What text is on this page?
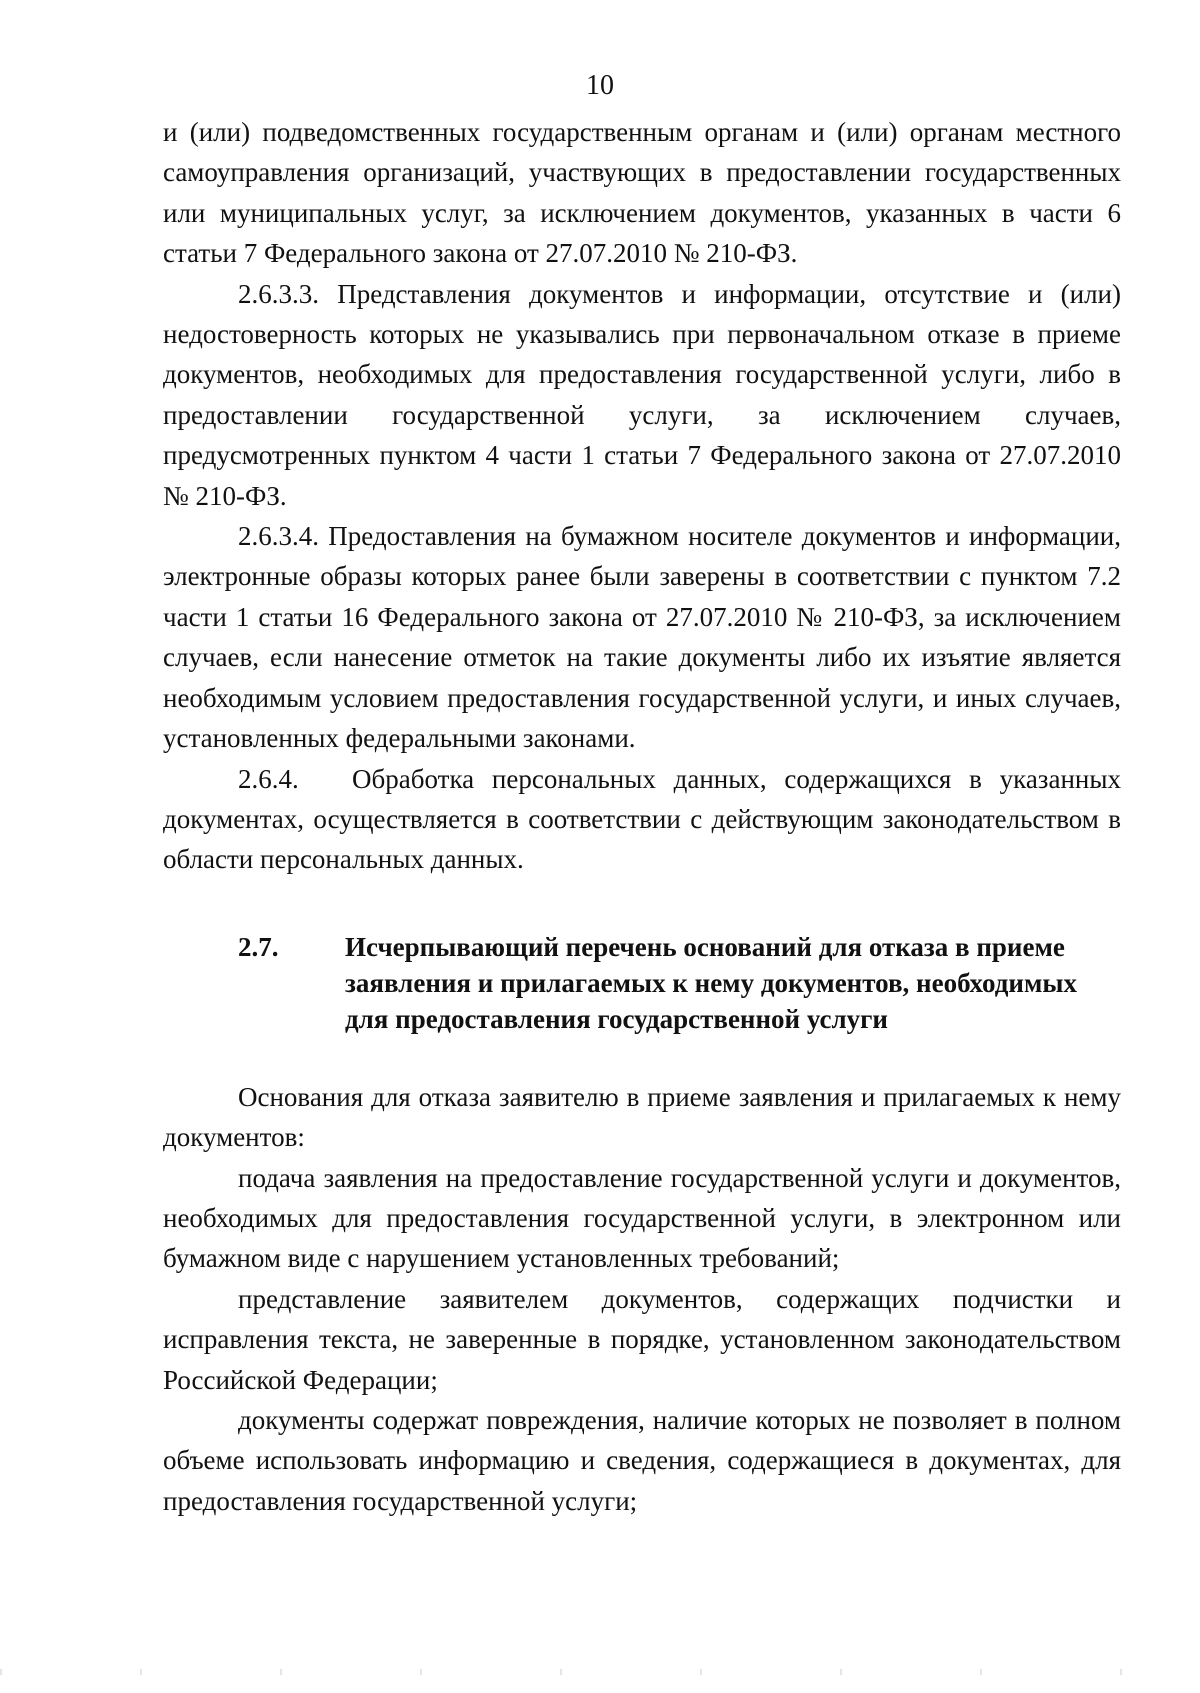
10

и (или) подведомственных государственным органам и (или) органам местного самоуправления организаций, участвующих в предоставлении государственных или муниципальных услуг, за исключением документов, указанных в части 6 статьи 7 Федерального закона от 27.07.2010 № 210-ФЗ.

2.6.3.3. Представления документов и информации, отсутствие и (или) недостоверность которых не указывались при первоначальном отказе в приеме документов, необходимых для предоставления государственной услуги, либо в предоставлении государственной услуги, за исключением случаев, предусмотренных пунктом 4 части 1 статьи 7 Федерального закона от 27.07.2010 № 210-ФЗ.

2.6.3.4. Предоставления на бумажном носителе документов и информации, электронные образы которых ранее были заверены в соответствии с пунктом 7.2 части 1 статьи 16 Федерального закона от 27.07.2010 № 210-ФЗ, за исключением случаев, если нанесение отметок на такие документы либо их изъятие является необходимым условием предоставления государственной услуги, и иных случаев, установленных федеральными законами.

2.6.4.   Обработка персональных данных, содержащихся в указанных документах, осуществляется в соответствии с действующим законодательством в области персональных данных.

2.7.	Исчерпывающий перечень оснований для отказа в приеме заявления и прилагаемых к нему документов, необходимых для предоставления государственной услуги

Основания для отказа заявителю в приеме заявления и прилагаемых к нему документов:

подача заявления на предоставление государственной услуги и документов, необходимых для предоставления государственной услуги, в электронном или бумажном виде с нарушением установленных требований;

представление заявителем документов, содержащих подчистки и исправления текста, не заверенные в порядке, установленном законодательством Российской Федерации;

документы содержат повреждения, наличие которых не позволяет в полном объеме использовать информацию и сведения, содержащиеся в документах, для предоставления государственной услуги;
